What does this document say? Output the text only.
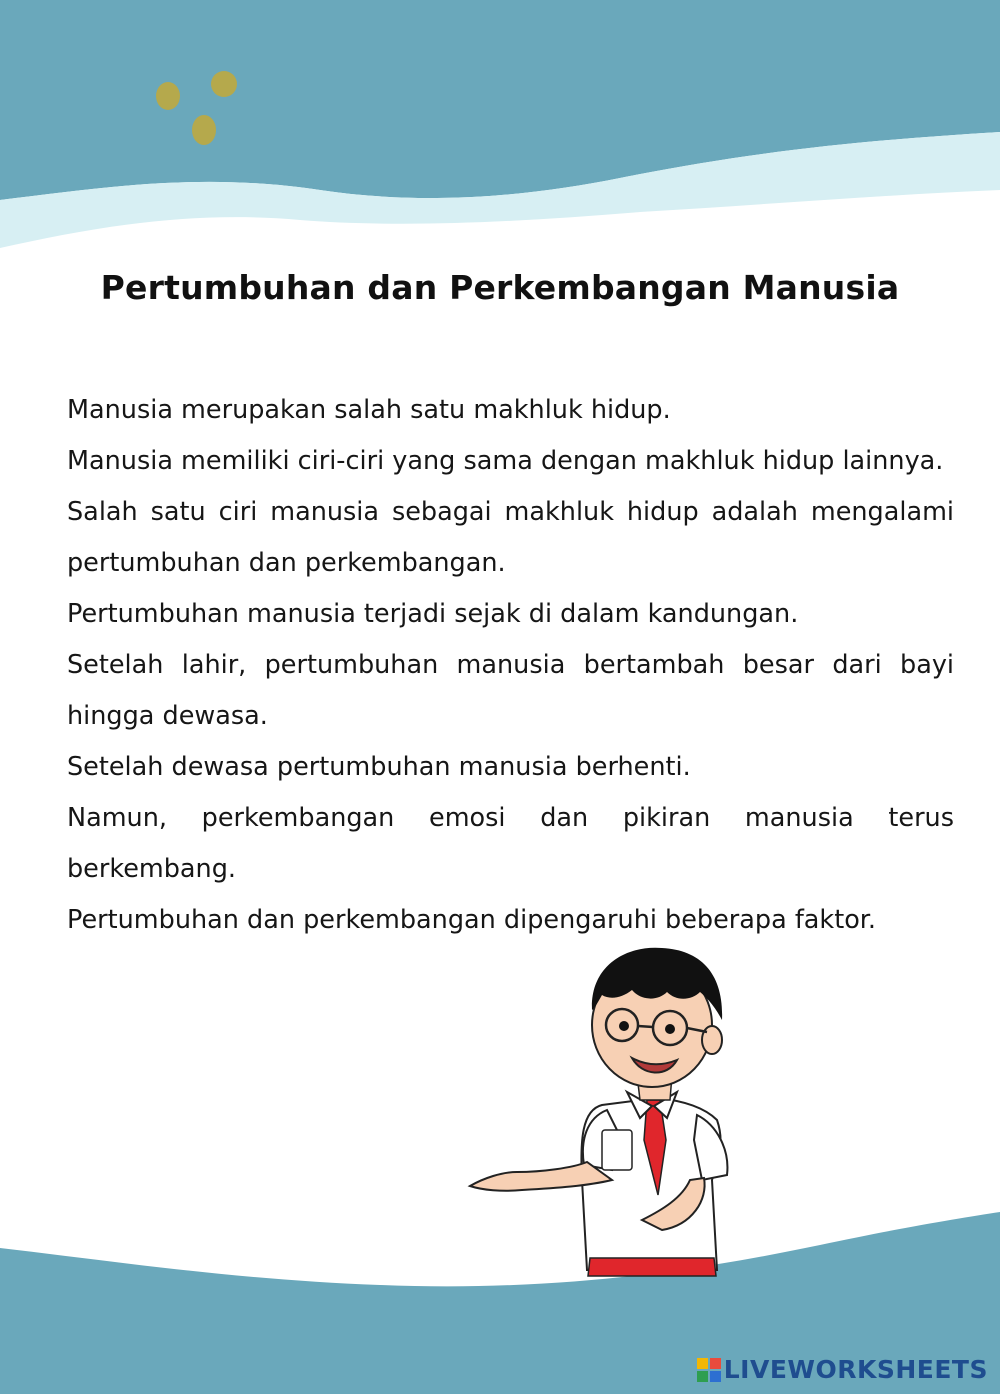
Pertumbuhan dan Perkembangan Manusia
Manusia merupakan salah satu makhluk hidup.
Manusia memiliki ciri-ciri yang sama dengan makhluk hidup lainnya.
Salah satu ciri manusia sebagai makhluk hidup adalah mengalami
pertumbuhan dan perkembangan.
Pertumbuhan manusia terjadi sejak di dalam kandungan.
Setelah lahir, pertumbuhan manusia bertambah besar dari bayi
hingga dewasa.
Setelah dewasa pertumbuhan manusia berhenti.
Namun, perkembangan emosi dan pikiran manusia terus
berkembang.
Pertumbuhan dan perkembangan dipengaruhi beberapa faktor.
LIVEWORKSHEETS
